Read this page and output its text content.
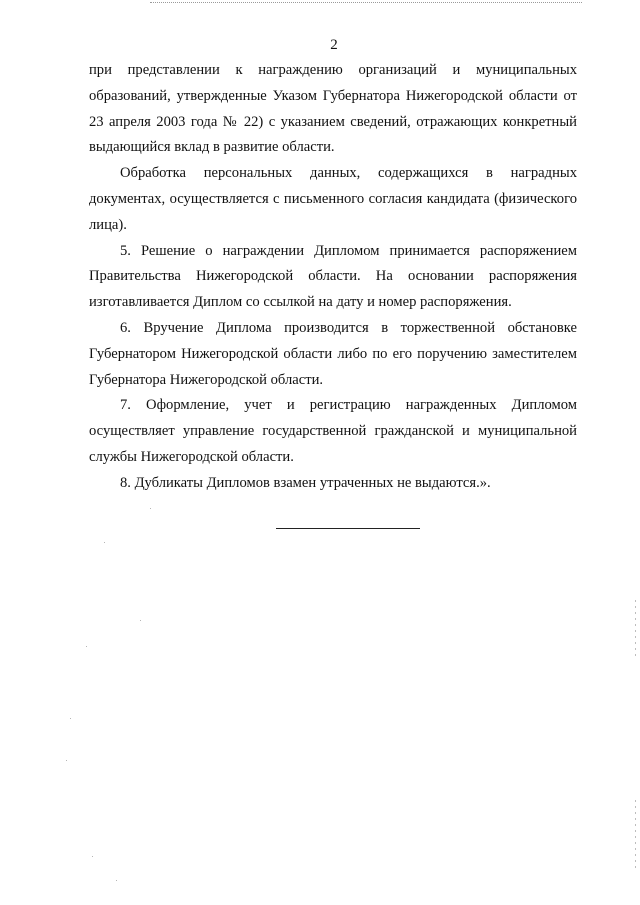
2

при представлении к награждению организаций и муниципальных образований, утвержденные Указом Губернатора Нижегородской области от 23 апреля 2003 года № 22) с указанием сведений, отражающих конкретный выдающийся вклад в развитие области.

Обработка персональных данных, содержащихся в наградных документах, осуществляется с письменного согласия кандидата (физического лица).

5. Решение о награждении Дипломом принимается распоряжением Правительства Нижегородской области. На основании распоряжения изготавливается Диплом со ссылкой на дату и номер распоряжения.

6. Вручение Диплома производится в торжественной обстановке Губернатором Нижегородской области либо по его поручению заместителем Губернатора Нижегородской области.

7. Оформление, учет и регистрацию награжденных Дипломом осуществляет управление государственной гражданской и муниципальной службы Нижегородской области.

8. Дубликаты Дипломов взамен утраченных не выдаются.».
